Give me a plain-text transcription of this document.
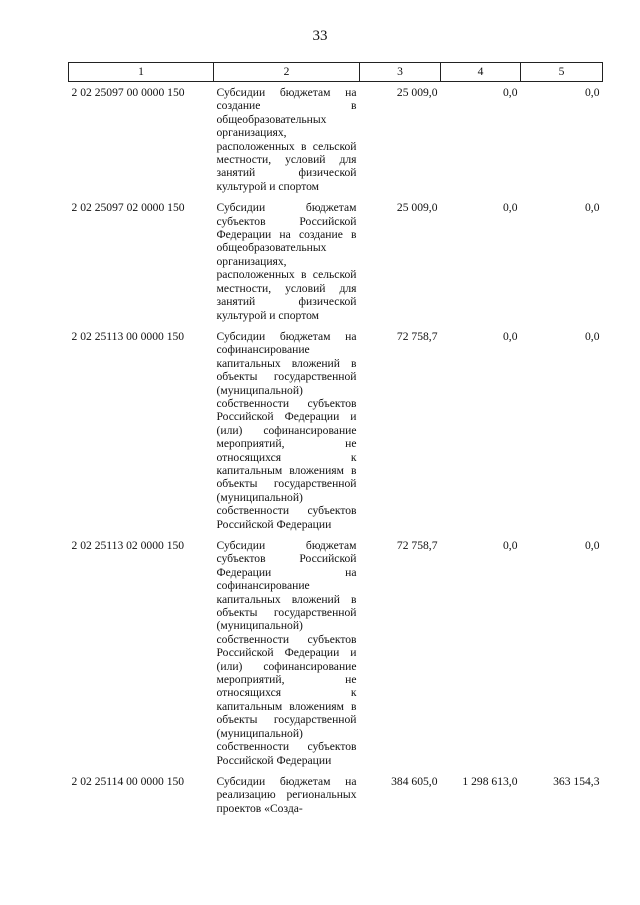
33
1	2	3	4	5
2 02 25097 00 0000 150	Субсидии бюджетам на создание в общеобразовательных организациях, расположенных в сельской местности, условий для занятий физической культурой и спортом	25 009,0	0,0	0,0
2 02 25097 02 0000 150	Субсидии бюджетам субъектов Российской Федерации на создание в общеобразовательных организациях, расположенных в сельской местности, условий для занятий физической культурой и спортом	25 009,0	0,0	0,0
2 02 25113 00 0000 150	Субсидии бюджетам на софинансирование капитальных вложений в объекты государственной (муниципальной) собственности субъектов Российской Федерации и (или) софинансирование мероприятий, не относящихся к капитальным вложениям в объекты государственной (муниципальной) собственности субъектов Российской Федерации	72 758,7	0,0	0,0
2 02 25113 02 0000 150	Субсидии бюджетам субъектов Российской Федерации на софинансирование капитальных вложений в объекты государственной (муниципальной) собственности субъектов Российской Федерации и (или) софинансирование мероприятий, не относящихся к капитальным вложениям в объекты государственной (муниципальной) собственности субъектов Российской Федерации	72 758,7	0,0	0,0
2 02 25114 00 0000 150	Субсидии бюджетам на реализацию региональных проектов «Созда-	384 605,0	1 298 613,0	363 154,3
